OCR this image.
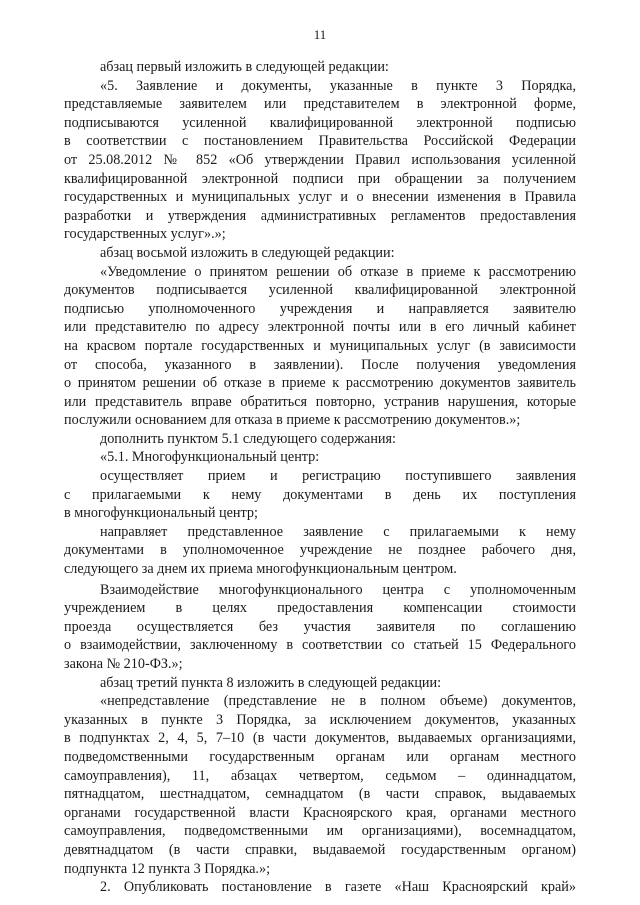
11
абзац первый изложить в следующей редакции:
«5. Заявление и документы, указанные в пункте 3 Порядка,
представляемые заявителем или представителем в электронной форме,
подписываются усиленной квалифицированной электронной подписью
в соответствии с постановлением Правительства Российской Федерации
от 25.08.2012 № 852 «Об утверждении Правил использования усиленной
квалифицированной электронной подписи при обращении за получением
государственных и муниципальных услуг и о внесении изменения в Правила
разработки и утверждения административных регламентов предоставления
государственных услуг».»;
абзац восьмой изложить в следующей редакции:
«Уведомление о принятом решении об отказе в приеме к рассмотрению
документов подписывается усиленной квалифицированной электронной
подписью уполномоченного учреждения и направляется заявителю
или представителю по адресу электронной почты или в его личный кабинет
на красвом портале государственных и муниципальных услуг (в зависимости
от способа, указанного в заявлении). После получения уведомления
о принятом решении об отказе в приеме к рассмотрению документов заявитель
или представитель вправе обратиться повторно, устранив нарушения, которые
послужили основанием для отказа в приеме к рассмотрению документов.»;
дополнить пунктом 5.1 следующего содержания:
«5.1. Многофункциональный центр:
осуществляет прием и регистрацию поступившего заявления
с прилагаемыми к нему документами в день их поступления
в многофункциональный центр;
направляет представленное заявление с прилагаемыми к нему
документами в уполномоченное учреждение не позднее рабочего дня,
следующего за днем их приема многофункциональным центром.
Взаимодействие многофункционального центра с уполномоченным
учреждением в целях предоставления компенсации стоимости
проезда осуществляется без участия заявителя по соглашению
о взаимодействии, заключенному в соответствии со статьей 15 Федерального
закона № 210-ФЗ.»;
абзац третий пункта 8 изложить в следующей редакции:
«непредставление (представление не в полном объеме) документов,
указанных в пункте 3 Порядка, за исключением документов, указанных
в подпунктах 2, 4, 5, 7–10 (в части документов, выдаваемых организациями,
подведомственными государственным органам или органам местного
самоуправления), 11, абзацах четвертом, седьмом – одиннадцатом,
пятнадцатом, шестнадцатом, семнадцатом (в части справок, выдаваемых
органами государственной власти Красноярского края, органами местного
самоуправления, подведомственными им организациями), восемнадцатом,
девятнадцатом (в части справки, выдаваемой государственным органом)
подпункта 12 пункта 3 Порядка.»;
2. Опубликовать постановление в газете «Наш Красноярский край»
